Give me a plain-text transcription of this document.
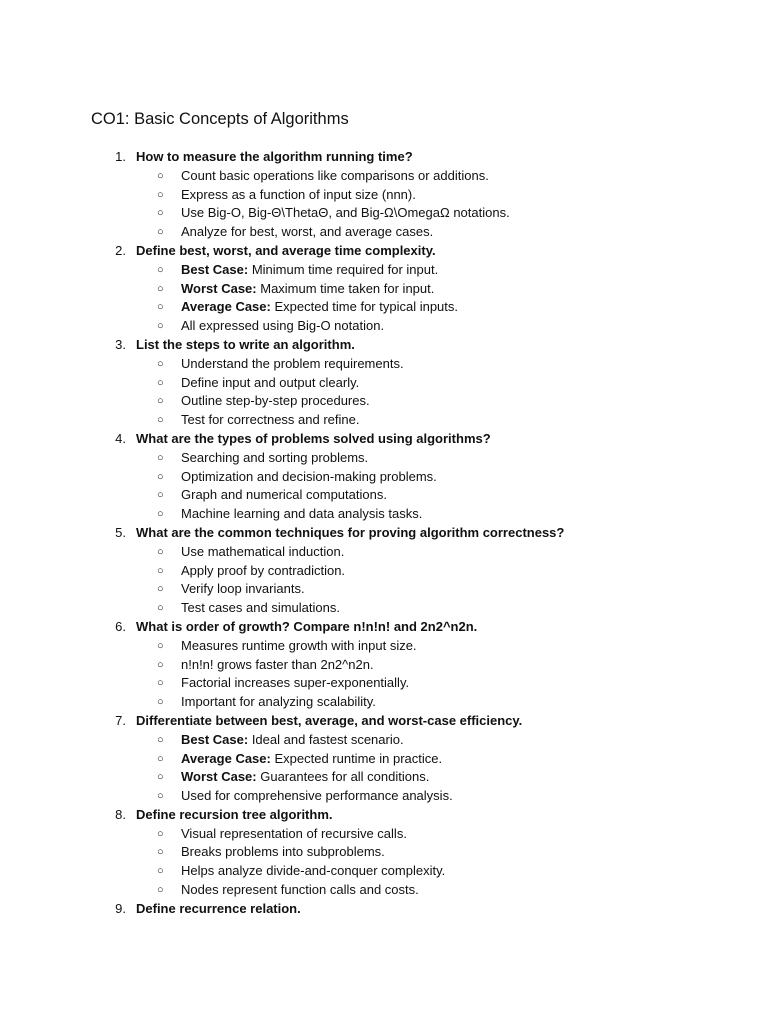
CO1: Basic Concepts of Algorithms
1. How to measure the algorithm running time?
○ Count basic operations like comparisons or additions.
○ Express as a function of input size (nnn).
○ Use Big-O, Big-Θ\ThetaΘ, and Big-Ω\OmegaΩ notations.
○ Analyze for best, worst, and average cases.
2. Define best, worst, and average time complexity.
○ Best Case: Minimum time required for input.
○ Worst Case: Maximum time taken for input.
○ Average Case: Expected time for typical inputs.
○ All expressed using Big-O notation.
3. List the steps to write an algorithm.
○ Understand the problem requirements.
○ Define input and output clearly.
○ Outline step-by-step procedures.
○ Test for correctness and refine.
4. What are the types of problems solved using algorithms?
○ Searching and sorting problems.
○ Optimization and decision-making problems.
○ Graph and numerical computations.
○ Machine learning and data analysis tasks.
5. What are the common techniques for proving algorithm correctness?
○ Use mathematical induction.
○ Apply proof by contradiction.
○ Verify loop invariants.
○ Test cases and simulations.
6. What is order of growth? Compare n!n!n! and 2n2^n2n.
○ Measures runtime growth with input size.
○ n!n!n! grows faster than 2n2^n2n.
○ Factorial increases super-exponentially.
○ Important for analyzing scalability.
7. Differentiate between best, average, and worst-case efficiency.
○ Best Case: Ideal and fastest scenario.
○ Average Case: Expected runtime in practice.
○ Worst Case: Guarantees for all conditions.
○ Used for comprehensive performance analysis.
8. Define recursion tree algorithm.
○ Visual representation of recursive calls.
○ Breaks problems into subproblems.
○ Helps analyze divide-and-conquer complexity.
○ Nodes represent function calls and costs.
9. Define recurrence relation.
